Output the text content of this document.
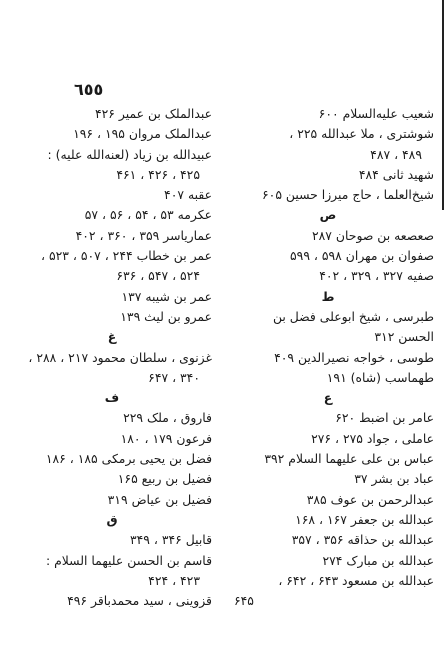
٦٥٥
شعیب علیه‌السلام ۶۰۰
شوشتری ، ملا عبدالله ۲۲۵ ،
۴۸۹ ، ۴۸۷
شهید ثانی ۴۸۴
شیخ‌العلما ، حاج میرزا حسین ۶۰۵
ص
صعصعه بن صوحان ۲۸۷
صفوان بن مهران ۵۹۸ ، ۵۹۹
صفیه ۳۲۷ ، ۳۲۹ ، ۴۰۲
ط
طبرسی ، شیخ ابوعلی فضل بن
الحسن ۳۱۲
طوسی ، خواجه نصیرالدین ۴۰۹
طهماسب (شاه) ۱۹۱
ع
عامر بن اضبط ۶۲۰
عاملی ، جواد ۲۷۵ ، ۲۷۶
عباس بن علی علیهما السلام ۳۹۲
عباد بن بشر ۳۷
عبدالرحمن بن عوف ۳۸۵
عبدالله بن جعفر ۱۶۷ ، ۱۶۸
عبدالله بن حذاقه ۳۵۶ ، ۳۵۷
عبدالله بن مبارک ۲۷۴
عبدالله بن مسعود ۶۴۳ ، ۶۴۲ ،
۶۴۵
عبدالملک بن عمیر ۴۲۶
عبدالملک مروان ۱۹۵ ، ۱۹۶
عبیدالله بن زیاد (لعنه‌الله علیه) :
۴۲۵ ، ۴۲۶ ، ۴۶۱
عقبه ۴۰۷
عکرمه ۵۳ ، ۵۴ ، ۵۶ ، ۵۷
عماریاسر ۳۵۹ ، ۳۶۰ ، ۴۰۲
عمر بن خطاب ۲۴۴ ، ۵۰۷ ، ۵۲۳ ،
۵۲۴ ، ۵۴۷ ، ۶۳۶
عمر بن شیبه ۱۳۷
عمرو بن لیث ۱۳۹
غ
غزنوی ، سلطان محمود ۲۱۷ ، ۲۸۸ ،
۳۴۰ ، ۶۴۷
ف
فاروق ، ملک ۲۲۹
فرعون ۱۷۹ ، ۱۸۰
فضل بن یحیی برمکی ۱۸۵ ، ۱۸۶
فضیل بن ربیع ۱۶۵
فضیل بن عیاض ۳۱۹
ق
قابیل ۳۴۶ ، ۳۴۹
قاسم بن الحسن علیهما السلام :
۴۲۳ ، ۴۲۴
قزوینی ، سید محمدباقر ۴۹۶
